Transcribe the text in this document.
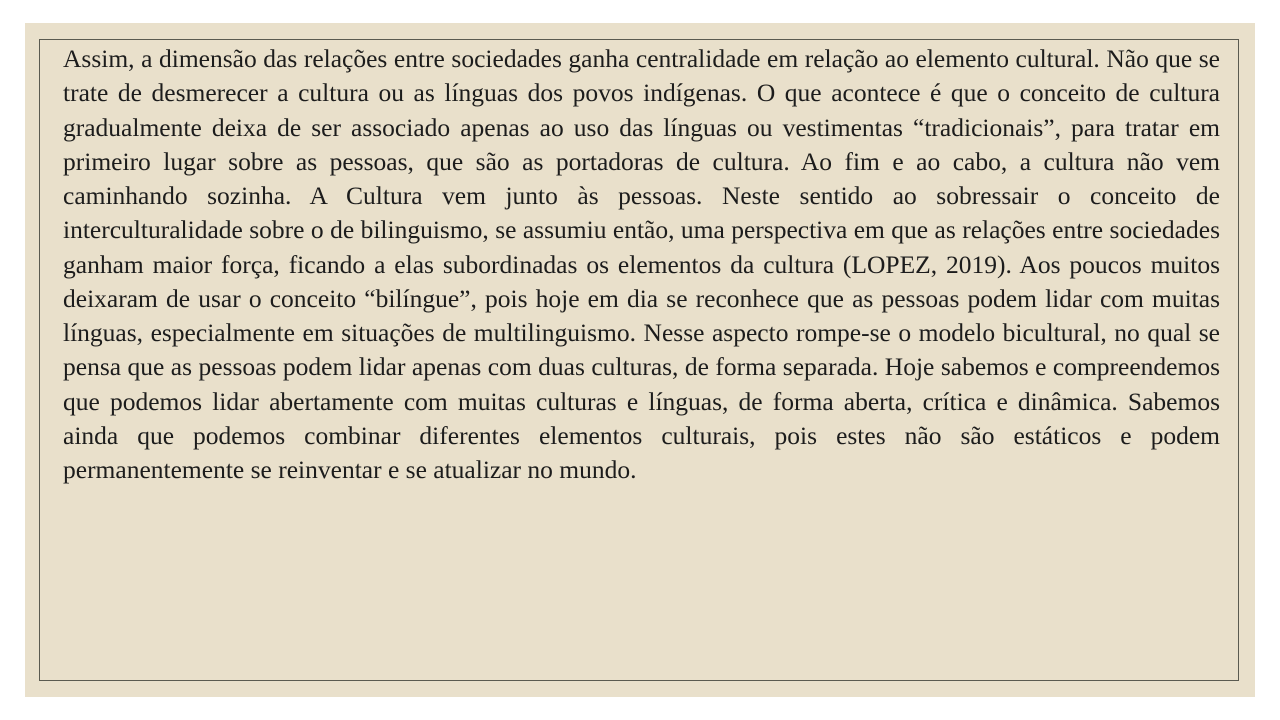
Assim, a dimensão das relações entre sociedades ganha centralidade em relação ao elemento cultural. Não que se trate de desmerecer a cultura ou as línguas dos povos indígenas. O que acontece é que o conceito de cultura gradualmente deixa de ser associado apenas ao uso das línguas ou vestimentas “tradicionais”, para tratar em primeiro lugar sobre as pessoas, que são as portadoras de cultura. Ao fim e ao cabo, a cultura não vem caminhando sozinha. A Cultura vem junto às pessoas. Neste sentido ao sobressair o conceito de interculturalidade sobre o de bilinguismo, se assumiu então, uma perspectiva em que as relações entre sociedades ganham maior força, ficando a elas subordinadas os elementos da cultura (LOPEZ, 2019). Aos poucos muitos deixaram de usar o conceito “bilíngue”, pois hoje em dia se reconhece que as pessoas podem lidar com muitas línguas, especialmente em situações de multilinguismo. Nesse aspecto rompe-se o modelo bicultural, no qual se pensa que as pessoas podem lidar apenas com duas culturas, de forma separada. Hoje sabemos e compreendemos que podemos lidar abertamente com muitas culturas e línguas, de forma aberta, crítica e dinâmica. Sabemos ainda que podemos combinar diferentes elementos culturais, pois estes não são estáticos e podem permanentemente se reinventar e se atualizar no mundo.
